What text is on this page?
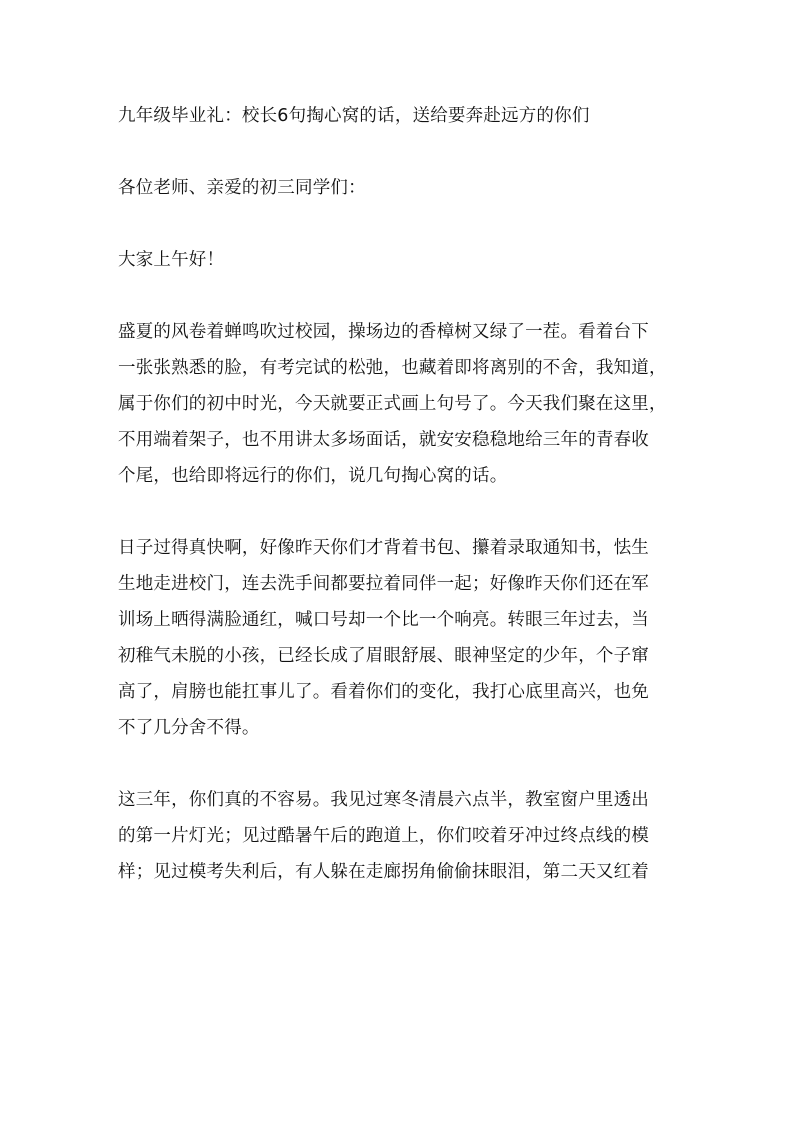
九年级毕业礼：校长6句掏心窝的话，送给要奔赴远方的你们

各位老师、亲爱的初三同学们：

大家上午好！

盛夏的风卷着蝉鸣吹过校园，操场边的香樟树又绿了一茬。看着台下
一张张熟悉的脸，有考完试的松弛，也藏着即将离别的不舍，我知道，
属于你们的初中时光，今天就要正式画上句号了。今天我们聚在这里，
不用端着架子，也不用讲太多场面话，就安安稳稳地给三年的青春收
个尾，也给即将远行的你们，说几句掏心窝的话。

日子过得真快啊，好像昨天你们才背着书包、攥着录取通知书，怯生
生地走进校门，连去洗手间都要拉着同伴一起；好像昨天你们还在军
训场上晒得满脸通红，喊口号却一个比一个响亮。转眼三年过去，当
初稚气未脱的小孩，已经长成了眉眼舒展、眼神坚定的少年，个子窜
高了，肩膀也能扛事儿了。看着你们的变化，我打心底里高兴，也免
不了几分舍不得。

这三年，你们真的不容易。我见过寒冬清晨六点半，教室窗户里透出
的第一片灯光；见过酷暑午后的跑道上，你们咬着牙冲过终点线的模
样；见过模考失利后，有人躲在走廊拐角偷偷抹眼泪，第二天又红着
